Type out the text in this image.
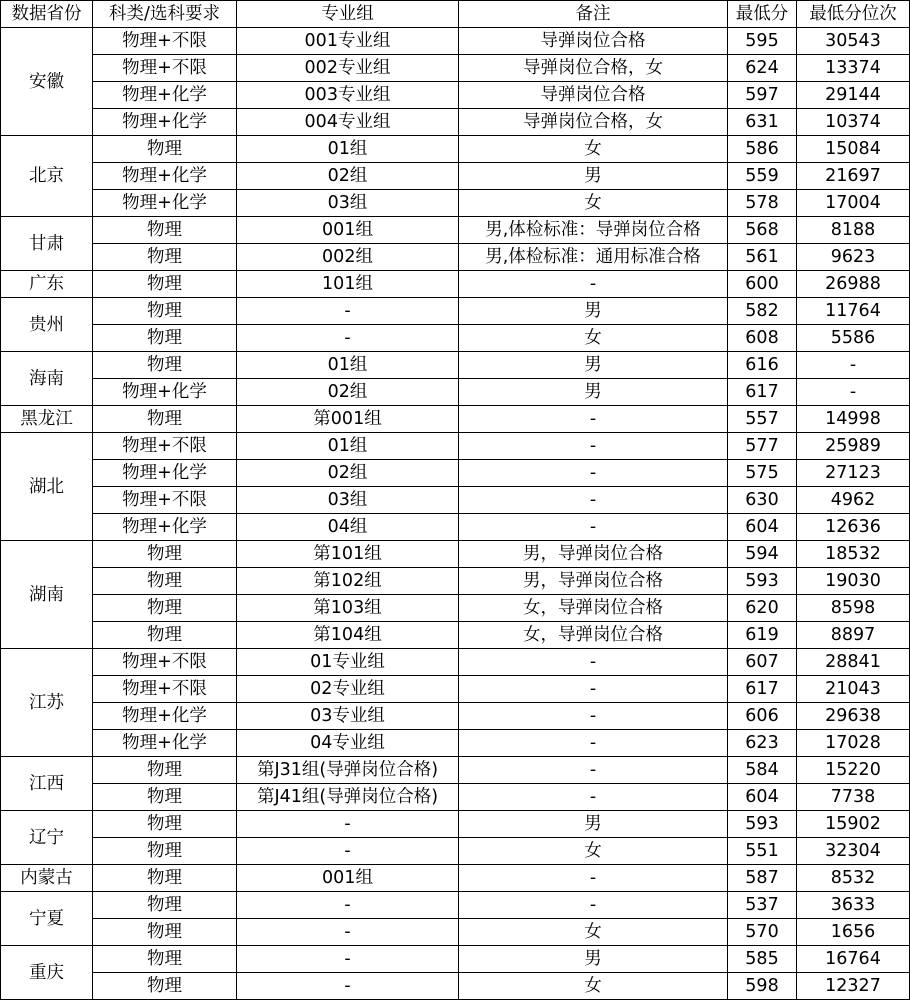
数据省份	科类/选科要求	专业组	备注	最低分	最低分位次
安徽	物理+不限	001专业组	导弹岗位合格	595	30543
	物理+不限	002专业组	导弹岗位合格，女	624	13374
	物理+化学	003专业组	导弹岗位合格	597	29144
	物理+化学	004专业组	导弹岗位合格，女	631	10374
北京	物理	01组	女	586	15084
	物理+化学	02组	男	559	21697
	物理+化学	03组	女	578	17004
甘肃	物理	001组	男,体检标准：导弹岗位合格	568	8188
	物理	002组	男,体检标准：通用标准合格	561	9623
广东	物理	101组	-	600	26988
贵州	物理	-	男	582	11764
	物理	-	女	608	5586
海南	物理	01组	男	616	-
	物理+化学	02组	男	617	-
黑龙江	物理	第001组	-	557	14998
湖北	物理+不限	01组	-	577	25989
	物理+化学	02组	-	575	27123
	物理+不限	03组	-	630	4962
	物理+化学	04组	-	604	12636
湖南	物理	第101组	男，导弹岗位合格	594	18532
	物理	第102组	男，导弹岗位合格	593	19030
	物理	第103组	女，导弹岗位合格	620	8598
	物理	第104组	女，导弹岗位合格	619	8897
江苏	物理+不限	01专业组	-	607	28841
	物理+不限	02专业组	-	617	21043
	物理+化学	03专业组	-	606	29638
	物理+化学	04专业组	-	623	17028
江西	物理	第J31组(导弹岗位合格)	-	584	15220
	物理	第J41组(导弹岗位合格)	-	604	7738
辽宁	物理	-	男	593	15902
	物理	-	女	551	32304
内蒙古	物理	001组	-	587	8532
宁夏	物理	-	-	537	3633
	物理	-	女	570	1656
重庆	物理	-	男	585	16764
	物理	-	女	598	12327
